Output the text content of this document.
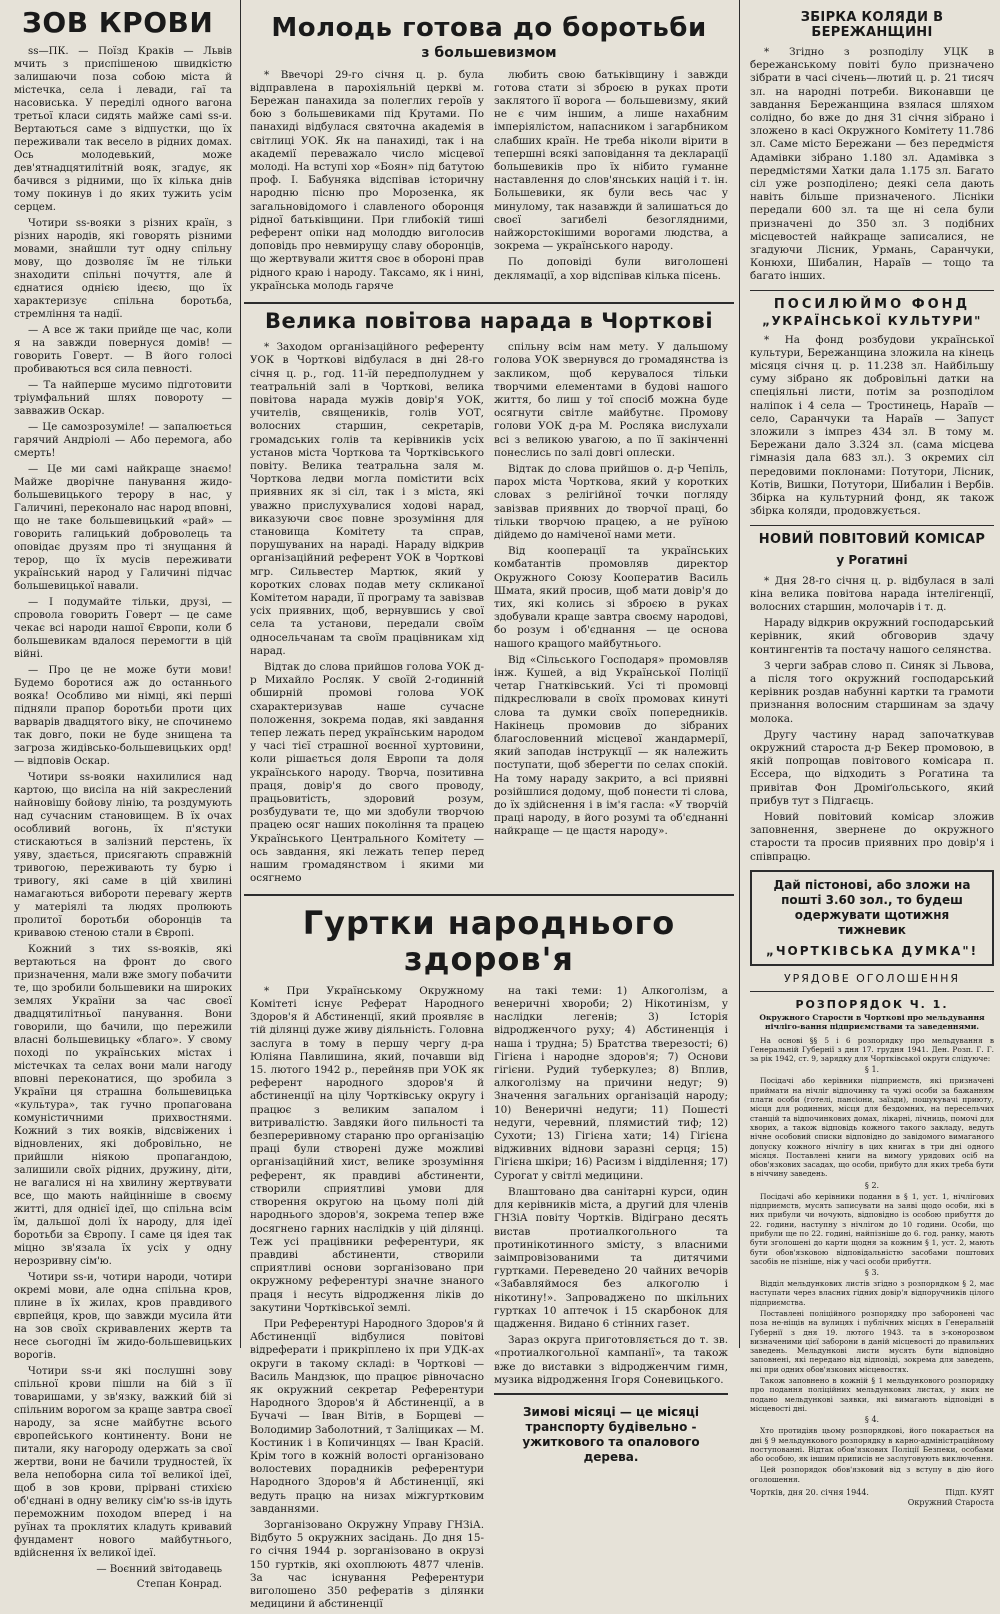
ЗОВ КРОВИ

ss—ПК. — Поїзд Кракiв — Львiв мчить з приспiшеною швидкiстю залишаючи поза собою мiста й мiстечка, села i левади, гаї та насовиська. У передiлi одного вагона третьої класи сидять майже самi ss-и. Вертаються саме з вiдпустки, що їх переживали так весело в рiдних домах. Ось молодевький, може дев'ятнадцятилiтнiй вояк, згадує, як бачився з рiдними, що їх кiлька днiв тому покинув i до яких тужить усiм серцем.

Чотири ss-вояки з рiзних країн, з рiзних народiв, якi говорять рiзними мовами, знайшли тут одну спiльну мову, що дозволяє їм не тiльки знаходити спiльнi почуття, але й єднатися однiєю iдеєю, що їх характеризує спiльна боротьба, стремлiння та надiї.

— А все ж таки прийде ще час, коли я на завжди повернуся домiв! — говорить Говерт. — В його голосi пробиваються вся сила певностi.

— Та найперше мусимо пiдготовити трiумфальний шлях повороту — завважив Оскар.

— Це самозрозумiле! — запалюється гарячий Андрiолi — Або перемога, або смерть!

— Це ми самi найкраще знаємо! Майже дворiчне панування жидо-большевицького терору в нас, у Галичинi, переконало нас народ вповнi, що не таке большевицький «рай» — говорить галицький доброволець та оповiдає друзям про тi знущання й терор, що їх мусiв переживати український народ у Галичинi пiдчас большевицької навали.

— I подумайте тiльки, друзi, — спровола говорить Говерт — це саме чекає всi народи нашої Європи, коли б большевикам вдалося перемогти в цiй вiйнi.

— Про це не може бути мови! Будемо боротися аж до останнього вояка! Особливо ми нiмцi, якi першi пiдняли прапор боротьби проти цих варварiв двадцятого вiку, не спочинемо так довго, поки не буде знищена та загроза жидiвсько-большевицьких орд! — вiдповiв Оскар.

Чотири ss-вояки нахилилися над картою, що висiла на нiй закреслений найновiшу бойову лiнiю, та роздумують над сучасним становищем. В їх очах особливий вогонь, їх п'ястуки стискаються в залiзний перстень, їх уяву, здається, присягають справжнiй тривогою, переживають ту бурю i тривогу, якi саме в цiй хвилинi намагаються вибороти перевагу жертв у матерiялi та людях пролюють пролитої боротьби оборонцiв та кривавою стеною стали в Європi.

Кожний з тих ss-вояків, які вертаються на фронт до свого призначення, мали вже змогу побачити те, що зробили большевики на широких землях України за час своєї двадцятилiтньої панування. Вони говорили, що бачили, що пережили власнi большевицьку «благо». У свому поході по українських мiстах i мiстечках та селах вони мали нагоду вповнi переконатися, що зробила з України ця страшна большевицька «культура», так гучно пропагована комунiстичними прихвостнями. Кожний з тих вояків, вiдсвiжених i вiдновлених, якi добровiльно, не прийшли нiякою пропагандою, залишили своїх рiдних, дружину, дiти, не вагалися нi на хвилину жертвувати все, що мають найцiннiше в своєму життi, для однiєї iдеї, що спiльна всiм їм, дальшої долi їх народу, для iдеї боротьби за Європу. I саме ця iдея так мiцно зв'язала їх усiх у одну нерозривну сiм'ю.

Чотири ss-и, чотири народи, чотири окремi мови, але одна спiльна кров, плине в їх жилах, кров правдивого єврпейця, кров, що завжди мусила йти на зов своїх скривавлених жертв та несе сьогоднi їм жидо-большевицьких ворогiв.

Чотири ss-и якi послушнi зову спiльної крови пiшли на бiй з її товаришами, у зв'язку, важкий бiй зi спiльним ворогом за краще завтра своєї народу, за ясне майбутнє всього європейського континенту. Вони не питали, яку нагороду одержать за свої жертви, вони не бачили трудностей, їх вела непоборна сила тої великої iдеї, щоб в зов крови, прiрванi стихiєю об'єднанi в одну велику сiм'ю ss-iв ідуть переможним походом вперед i на руїнах та проклятих кладуть кривавий фундамент нового майбутнього, вдiйснення їх великої iдеї.

— Воєнний звiтодавець
Степан Конрад.
Молодь готова до боротьби
з большевизмом

* Ввечорi 29-го сiчня ц. р. була вiдправлена в парохiяльнiй церквi м. Бережан панахида за полеглих героїв у бою з большевиками пiд Крутами. По панахидi вiдбулася святочна академiя в свiтлицi УОК. Як на панахидi, так i на академiї переважало число мiсцевої молодi. На вступi хор «Боян» пiд батутою проф. I. Бабуняка вiдспiвав iсторичну народню пiсню про Морозенка, як загальновiдомого i славленого оборонця рiдної батькiвщини. При глибокiй тишi референт опiки над молоддю виголосив доповiдь про невмирущу славу оборонцiв, що жертвували життя своє в оборонi прав рiдного краю i народу. Таксамо, як i нинi, українська молодь гаряче

любить свою батькiвщину i завжди готова стати зi зброєю в руках проти заклятого її ворога — большевизму, який не є чим iншим, а лише нахабним iмперiялiстом, напасником i загарбником слабших країн. Не треба нiколи вiрити в тепершнi всякi заповiдання та декларацiї большевикiв про їх нiбито гуманне наставлення до слов'янських нацiй i т. iн. Большевики, як були весь час у минулому, так назавжди й залишаться до своєї загибелi безоглядними, найжорстокiшими ворогами людства, а зокрема — українського народу.

По доповiдi були виголошенi деклямацiї, а хор вiдспiвав кiлька пiсень.

Велика повiтова нарада в Чорткові

* Заходом органiзацiйного референту УОК в Чорткові вiдбулася в днi 28-го сiчня ц. р., год. 11-їй передполуднем у театральнiй залi в Чорткові, велика повiтова нарада мужiв довiр'я УОК, учителiв, священикiв, голiв УОТ, волосних старшин, секретарiв, громадських голiв та керiвникiв усiх установ мiста Чорткова та Чортківського повiту. Велика театральна заля м. Чорткова ледви могла помiстити всiх приявних як зi сiл, так i з мiста, якi уважно прислухувалися ходовi нарад, виказуючи своє повне зрозумiння для становища Комiтету та справ, порушуваних на нарадi. Нараду вiдкрив органiзацiйний референт УОК в Чорткові мгр. Сильвестер Мартюк, який у коротких словах подав мету скликаної Комiтетом наради, її програму та завiзвав усiх приявних, щоб, вернувшись у свої села та установи, передали своїм односельчанам та своїм працiвникам хiд нарад.

Вiдтак до слова прийшов голова УОК д-р Михайло Росляк. У своїй 2-годинній обширній промові голова УОК схарактеризував наше сучасне положення, зокрема подав, які завдання тепер лежать перед українським народом у часі тієї страшної воєнної хуртовини, коли рішається доля Европи та доля українського народу. Творча, позитивна праця, довір'я до свого проводу, працьовитість, здоровий розум, розбудувати те, що ми здобули творчою працею осяг наших покоління та працею Українського Центрального Комітету — ось завдання, які лежать тепер перед нашим громадянством i якими ми осягнемо

спiльну всiм нам мету. У дальшому голова УОК звернувся до громадянства iз закликом, щоб керувалося тiльки творчими елементами в будовi нашого життя, бо лиш у тої спосiб можна буде осягнути свiтле майбутнє. Промову голови УОК д-ра М. Росляка вислухали всi з великою увагою, а по її закiнченнi понеслись по залi довгi оплески.

Вiдтак до слова прийшов о. д-р Чепiль, парох мiста Чорткова, який у коротких словах з релiгiйної точки погляду завiзвав приявних до творчої працi, бо тiльки творчою працею, а не руїною дiйдемо до наміченої нами мети.

Вiд кооперацiї та українських комбатантiв промовляв директор Окружного Союзу Кооператив Василь Шмата, який просив, щоб мати довiр'я до тих, якi колись зi зброєю в руках здобували краще завтра своєму народовi, бо розум i об'єднання — це основа нашого кращого майбутнього.

Вiд «Сiльського Господаря» промовляв iнж. Кушей, а вiд Української Полiцiї четар Гнатківський. Усi тi промовцi пiдкреслювали в своїх промовах кинутi слова та думки своїх попередникiв. Накiнець промовив до зiбраних благословенний мiсцевої жандармерiї, який заподав iнструкцiї — як належить поступати, щоб зберегти по селах спокiй. На тому нараду закрито, а всi приявнi розiйшлися додому, щоб понести тi слова, до їх здiйснення i в iм'я гасла: «У творчiй працi народу, в його розумi та об'єднанні найкраще — це щастя народу».

Гуртки народнього здоров'я

* При Українському Окружному Комiтетi iснує Реферат Народного Здоров'я й Абстиненції, який проявляє в тiй дiлянцi дуже живу дiяльнiсть. Головна заслуга в тому в першу чергу д-ра Юлiяна Павлишина, який, почавши вiд 15. лютого 1942 р., перейняв при УОК як референт народного здоров'я й абстиненції на цiлу Чортківську округу i працює з великим запалом i витривалiстю. Завдяки його пильностi та безпереривному стараню про органiзацiю праці були створені дуже можливі органiзацiйний хист, велике зрозумiння референт, як правдиві абстиненти, створили сприятливi умови для створення округою на цьому полі дій народнього здоров'я, зокрема тепер вже досягнено гарних наслiдкiв у цiй дiлянцi. Теж усi працiвники референтури, як правдивi абстиненти, створили сприятливі основи зорганiзовано при окружному референтурi значне знаного праця i несуть вiдродження лiкiв до закутини Чортківської землi.

При Референтурi Народного Здоров'я й Абстиненції вiдбулися повiтовi вiдреферати i прикрiплено iх при УДК-ах округи в такому складi: в Чорткові — Василь Мандзюк, що працює рівночасно як окружний секретар Референтури Народного Здоров'я й Абстиненції, а в Бучачi — Iван Вiтiв, в Борщевi — Володимир Заболотний, т Залiщиках — М. Костиник i в Копичинцях — Iван Красiй. Крiм того в кожнiй волостi органiзовано волостевих порадникiв референтури Народного Здоров'я й Абстиненції, які ведуть працю на низах мiжгуртковим завданнями.

Зорганiзовано Окружну Управу ГНЗіА. Вiдбуто 5 окружних засiдань. До дня 15-го сiчня 1944 р. зорганiзовано в окрузi 150 гуртків, які охоплюють 4877 членів. За час iснування Референтури виголошено 350 рефератів з ділянки медицини й абстиненції

на такi теми: 1) Алкоголiзм, а венеричнi хвороби; 2) Нiкотинiзм, у наслiдки легенiв; 3) Iсторiя вiдродженчого руху; 4) Абстиненцiя i наша i трудна; 5) Братства тверезостi; 6) Гiгієна i народне здоров'я; 7) Основи гiгієни. Рудий туберкулез; 8) Вплив, алкоголiзму на причини недуг; 9) Значення загальних органiзацiй народу; 10) Венеричнi недуги; 11) Пошестi недуги, черевний, плямистий тиф; 12) Сухоти; 13) Гiгієна хати; 14) Гiгієна вiдживних вiднови заразні серця; 15) Гiгієна шкiри; 16) Расизм i вiддiлення; 17) Сурогат у свiтлi медицини.

Влаштовано два санiтарнi курси, один для керiвникiв мiста, а другий для членiв ГНЗіА повiту Чортків. Вiдiграно десять вистав протиалкогольного та протинікотинного змісту, з власними заімпровізованими та дитячими гуртками. Переведено 20 чайних вечорів «Забавляймося без алкоголю i нікотину!». Запроваджено по шкiльних гуртках 10 аптечок i 15 скарбонок для щадження. Видано 6 стiнних газет.

Зараз округа приготовляється до т. зв. «протиалкогольної кампанії», та також вже до виставки з вiдродженчим гимн, музика вiдродження Ігоря Соневицького.

Зимові місяці — це місяці транспорту будівельно - ужиткового та опалового дерева.
ЗБIРКА КОЛЯДИ В БЕРЕЖАНЩИНI

* Згiдно з розподiлу УЦК в бережанському повiтi було призначено зiбрати в часi сiчень—лютий ц. р. 21 тисяч зл. на народнi потреби. Виконавши це завдання Бережанщина взялася шляхом солiдно, бо вже до дня 31 сiчня зiбрано i зложено в касi Окружного Комiтету 11.786 зл. Саме мiсто Бережани — без передмiстя Адамiвки зiбрано 1.180 зл. Адамiвка з передмiстями Хатки дала 1.175 зл. Багато сiл уже розподiлено; деякi села дають навiть бiльше призначеного. Лiснiки передали 600 зл. та ще нi села були призначенi до 350 зл. З подiбних мiсцевостей найкраще записалися, не згадуючи Лiсник, Урмань, Саранчуки, Конюхи, Шибалин, Нараїв — тощо та багато iнших.

ПОСИЛЮЙМО ФОНД
„УКРАЇНСЬКОЇ КУЛЬТУРИ"

* На фонд розбудови української культури, Бережанщина зложила на кiнець мiсяця сiчня ц. р. 11.238 зл. Найбiльшу суму зiбрано як добровiльнi датки на спецiяльнi листи, потiм за розподiлом наліпок i 4 села — Тростинець, Нараїв — село, Саранчуки та Нараїв — Запуст зложили з імпрез 434 зл. В тому м. Бережани дало 3.324 зл. (сама мiсцева гiмназiя дала 683 зл.). З окремих сiл передовими поклонами: Потутори, Лiсник, Котiв, Вишки, Потутори, Шибалин i Вербiв. Збiрка на культурний фонд, як також збiрка коляди, продовжується.

НОВИЙ ПОВIТОВИЙ КОМIСАР
у Рогатинi

* Дня 28-го сiчня ц. р. вiдбулася в залi кiна велика повiтова нарада iнтелiгенцiї, волосних старшин, молочарiв i т. д.

Нараду вiдкрив окружний господарський керiвник, який обговорив здачу контингентiв та постачу нашого селянства.

З черги забрав слово п. Синяк зi Львова, а пiсля того окружний господарський керiвник роздав набуннi картки та грамоти признання волосним старшинам за здачу молока.

Другу частину нарад започаткував окружний староста д-р Бекер промовою, в якiй попрощав повiтового комiсара п. Ессера, що вiдходить з Рогатина та привiтав Фон Дроміґольського, який прибув тут з Пiдгаєць.

Новий повiтовий комiсар зложив заповнення, звернене до окружного старости та просив приявних про довiр'я i спiвпрацю.

Дай пiстонові, або зложи на пошті 3.60 зол., то будеш одержувати щотижня тижневик
„ЧОРТКIВСЬКА ДУМКА"!
УРЯДОВЕ ОГОЛОШЕННЯ
РОЗПОРЯДОК Ч. 1.
Окружного Старости в Чорткові про мельдування нічліго-вання підприємствами та заведеннями.

На основі §§ 5 і 6 розпорядку про мельдування в Генеральній Губернії з дня 17. грудня 1941. Ден. Розп. Г. Г. за рік 1942, ст. 9, зарядку для Чортківської округи слідуюче:

§ 1.

Посідачі або керівники підприємств, які призначені приймати на нічліг відпочинку та чужі особи за бажанням плати особи (готелі, пансіони, заїзди), пошукувачі приюту, місця для родинних, місця для бездомних, на пересельчих станцій та відпочинкових домах, лікарні, лічниць, помочі для хворих, а також відповідь кожного такого закладу, ведуть нічне особовий списки відповідно до завідомого вимаганого допуску кожного нічлігу в цих книгах в три дні одного місяця. Поставлені книги на вимогу урядових осіб на обов'язкових засадах, що особи, прибуто для яких треба бути в ніччину заведень.

§ 2.

Посідачі або керівники подання в § 1, уст. 1, нічлігових підприємств, мусять записувати на заяві щодо особи, які в них прибули чи ночують, відповідно із особою прибуття до 22. години, наступну з нічлігом до 10 години. Особи, що прибули ще по 22. годині, найпізніше до 6. год. ранку, мають бути зголошені до карти щодня за кожним § 1, уст. 2, мають бути обов'язковою відповідальністю засобами поштових засобів не пізніше, ніж у часі особи прибуття.

§ 3.

Відділ мельдункових листів згідно з розпорядком § 2, має наступати через власних гідних довір'я відпоручників цілого підприємства.

Поставлені поліційного розпорядку про заборонені час поза не-ніщів на вулицях і публічних місцях в Генеральній Губернії з дня 19. лютого 1943. та в з-конорозвом визначеними цієї заборони в даній місцевості до правильних заведень. Мельдункові листи мусять бути відповідно заповнені, які передано від відповіді, зокрема для заведень, які при одних обов'язкових місцевостях.

Також заповнено в кожній § 1 мельдункового розпорядку про подання поліційних мельдункових листах, у яких не подано мельдункові заявки, які вимагають відповідні в місцевості дні.

§ 4.

Хто протидіяв цьому розпорядкові, його покарається на дні § 9 мельдункового розпорядку в карно-адміністраційному поступованні. Відтак обов'язкових Поліції Безпеки, особами або особою, як іншим приписів не заслуговують виключення.

Цей розпорядок обов'язковий від з вступу в дію його оголошення.

Чортків, дня 20. січня 1944.	Підп. КУЯТ
Окружний Староста
